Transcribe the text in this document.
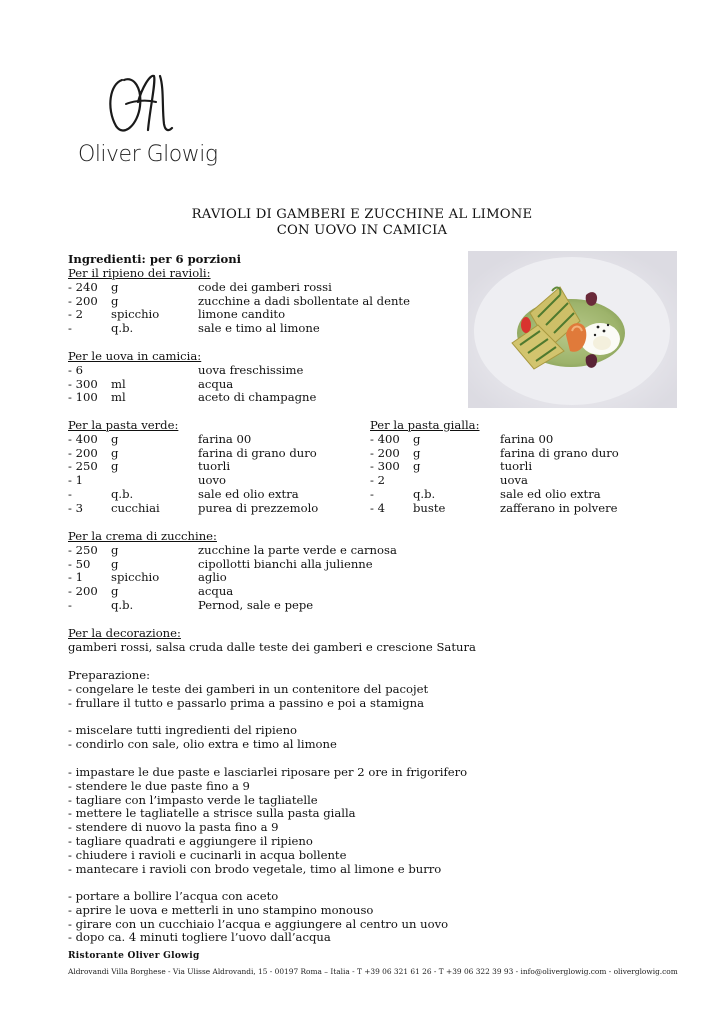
Oliver Glowig
RAVIOLI DI GAMBERI E ZUCCHINE AL LIMONE
CON UOVO IN CAMICIA
Ingredienti: per 6 porzioni
Per il ripieno dei ravioli:
- 240 g	code dei gamberi rossi
- 200 g	zucchine a dadi sbollentate al dente
- 2 spicchio	limone candito
-	q.b.	sale e timo al limone
Per le uova in camicia:
- 6	uova freschissime
- 300 ml	acqua
- 100 ml	aceto di champagne
Per la pasta verde:
- 400 g	farina 00
- 200 g	farina di grano duro
- 250 g	tuorli
- 1	uovo
-	q.b.	sale ed olio extra
- 3 cucchiai	purea di prezzemolo
Per la pasta gialla:
- 400 g	farina 00
- 200 g	farina di grano duro
- 300 g	tuorli
- 2	uova
-	q.b.	sale ed olio extra
- 4 buste	zafferano in polvere
Per la crema di zucchine:
- 250 g	zucchine la parte verde e carnosa
- 50 g	cipollotti bianchi alla julienne
- 1 spicchio	aglio
- 200 g	acqua
-	q.b.	Pernod, sale e pepe
Per la decorazione:
gamberi rossi, salsa cruda dalle teste dei gamberi e crescione Satura
Preparazione:
- congelare le teste dei gamberi in un contenitore del pacojet
- frullare il tutto e passarlo prima a passino e poi a stamigna
- miscelare tutti ingredienti del ripieno
- condirlo con sale, olio extra e timo al limone
- impastare le due paste e lasciarlei riposare per 2 ore in frigorifero
- stendere le due paste fino a 9
- tagliare con l’impasto verde le tagliatelle
- mettere le tagliatelle a strisce sulla pasta gialla
- stendere di nuovo la pasta fino a 9
- tagliare quadrati e aggiungere il ripieno
- chiudere i ravioli e cucinarli in acqua bollente
- mantecare i ravioli con brodo vegetale, timo al limone e burro
- portare a bollire l’acqua con aceto
- aprire le uova e metterli in uno stampino monouso
- girare con un cucchiaio l’acqua e aggiungere al centro un uovo
- dopo ca. 4 minuti togliere l’uovo dall’acqua
Ristorante Oliver Glowig
Aldrovandi Villa Borghese - Via Ulisse Aldrovandi, 15 - 00197 Roma – Italia - T +39 06 321 61 26 - T +39 06 322 39 93 - info@oliverglowig.com - oliverglowig.com
